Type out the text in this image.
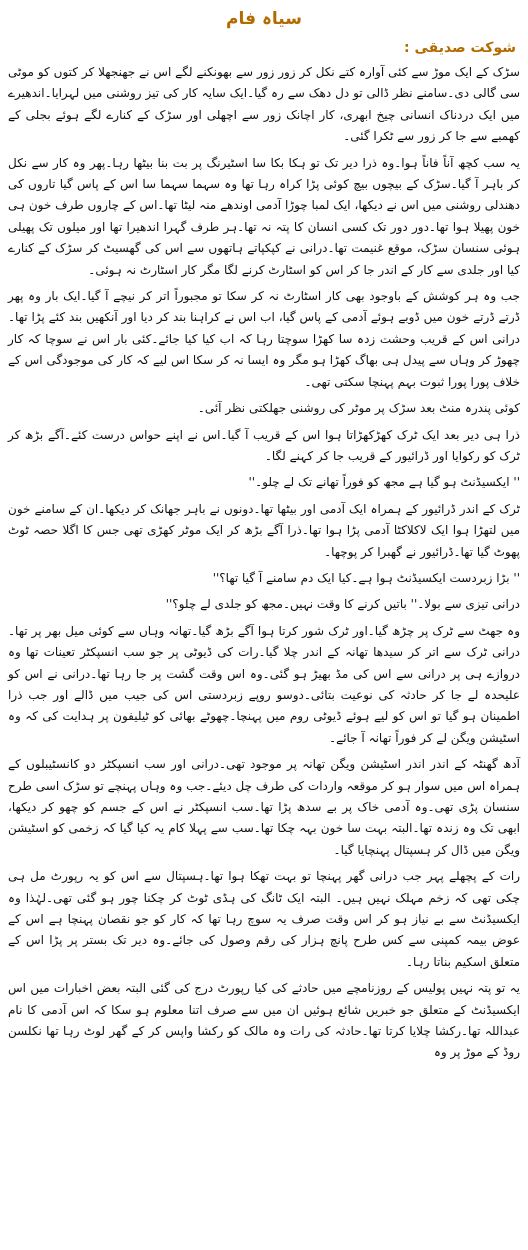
سیاہ فام
شوکت صدیقی :

سڑک کے ایک موڑ سے کئی آوارہ کتے نکل کر زور زور سے بھونکنے لگے اس نے جھنجھلا کر کتوں کو موٹی سی گالی دی۔سامنے نظر ڈالی تو دل دھک سے رہ گیا۔ایک سایہ کار کی تیز روشنی میں لہرایا۔اندھیرے میں ایک دردناک انسانی چیخ ابھری، کار اچانک زور سے اچھلی اور سڑک کے کنارے لگے ہوئے بجلی کے کھمبے سے جا کر زور سے ٹکرا گئی۔

یہ سب کچھ آناً فاناً ہوا۔وہ ذرا دیر تک تو ہکا بکا سا اسٹیرنگ پر بت بنا بیٹھا رہا۔پھر وہ کار سے نکل کر باہر آ گیا۔سڑک کے بیچوں بیچ کوئی پڑا کراہ رہا تھا وہ سہما سہما سا اس کے پاس گیا تاروں کی دھندلی روشنی میں اس نے دیکھا، ایک لمبا چوڑا آدمی اوندھے منہ لیٹا تھا۔اس کے چاروں طرف خون ہی خون پھیلا ہوا تھا۔دور دور تک کسی انسان کا پتہ نہ تھا۔ہر طرف گہرا اندھیرا تھا اور میلوں تک پھیلی ہوئی سنسان سڑک، موقع غنیمت تھا۔درانی نے کپکپاتے ہاتھوں سے اس کی گھسیٹ کر سڑک کے کنارے کیا اور جلدی سے کار کے اندر جا کر اس کو اسٹارٹ کرنے لگا مگر کار اسٹارٹ نہ ہوئی۔

جب وہ ہر کوشش کے باوجود بھی کار اسٹارٹ نہ کر سکا تو مجبوراً اتر کر نیچے آ گیا۔ایک بار وہ پھر ڈرتے ڈرتے خون میں ڈوبے ہوئے آدمی کے پاس گیا، اب اس نے کراہنا بند کر دیا اور آنکھیں بند کئے پڑا تھا۔درانی اس کے قریب وحشت زدہ سا کھڑا سوچتا رہا کہ اب کیا کیا جائے۔کئی بار اس نے سوچا کہ کار چھوڑ کر وہاں سے پیدل ہی بھاگ کھڑا ہو مگر وہ ایسا نہ کر سکا اس لیے کہ کار کی موجودگی اس کے خلاف پورا پورا ثبوت بہم پہنچا سکتی تھی۔

کوئی پندرہ منٹ بعد سڑک پر موٹر کی روشنی جھلکتی نظر آئی۔

ذرا ہی دیر بعد ایک ٹرک کھڑکھڑاتا ہوا اس کے قریب آ گیا۔اس نے اپنے حواس درست کئے۔آگے بڑھ کر ٹرک کو رکوایا اور ڈرائیور کے قریب جا کر کہنے لگا۔

'' ایکسیڈنٹ ہو گیا ہے مجھ کو فوراً تھانے تک لے چلو۔''

ٹرک کے اندر ڈرائیور کے ہمراہ ایک آدمی اور بیٹھا تھا۔دونوں نے باہر جھانک کر دیکھا۔ان کے سامنے خون میں لتھڑا ہوا ایک لاکلاکٹا آدمی پڑا ہوا تھا۔ذرا آگے بڑھ کر ایک موٹر کھڑی تھی جس کا اگلا حصہ ٹوٹ پھوٹ گیا تھا۔ڈرائیور نے گھبرا کر پوچھا۔

'' بڑا زبردست ایکسیڈنٹ ہوا ہے۔کیا ایک دم سامنے آ گیا تھا؟''

درانی تیزی سے بولا۔'' باتیں کرنے کا وقت نہیں۔مجھ کو جلدی لے چلو؟''

وہ جھٹ سے ٹرک پر چڑھ گیا۔اور ٹرک شور کرتا ہوا آگے بڑھ گیا۔تھانہ وہاں سے کوئی میل بھر پر تھا۔درانی ٹرک سے اتر کر سیدھا تھانہ کے اندر چلا گیا۔رات کی ڈیوٹی پر جو سب انسپکٹر تعینات تھا وہ دروازے ہی پر درانی سے اس کی مڈ بھیڑ ہو گئی۔وہ اس وقت گشت پر جا رہا تھا۔درانی نے اس کو علیحدہ لے جا کر حادثہ کی نوعیت بتائی۔دوسو روپے زبردستی اس کی جیب میں ڈالے اور جب ذرا اطمینان ہو گیا تو اس کو لیے ہوئے ڈیوٹی روم میں پہنچا۔چھوٹے بھائی کو ٹیلیفون پر ہدایت کی کہ وہ اسٹیشن ویگن لے کر فوراً تھانہ آ جائے۔

آدھ گھنٹہ کے اندر اندر اسٹیشن ویگن تھانہ پر موجود تھی۔درانی اور سب انسپکٹر دو کانسٹیبلوں کے ہمراہ اس میں سوار ہو کر موقعہ واردات کی طرف چل دیئے۔جب وہ وہاں پہنچے تو سڑک اسی طرح سنسان پڑی تھی۔وہ آدمی خاک پر بے سدھ پڑا تھا۔سب انسپکٹر نے اس کے جسم کو چھو کر دیکھا، ابھی تک وہ زندہ تھا۔البتہ بہت سا خون بہہ چکا تھا۔سب سے پہلا کام یہ کیا گیا کہ زخمی کو اسٹیشن ویگن میں ڈال کر ہسپتال پہنچایا گیا۔

رات کے پچھلے پہر جب درانی گھر پہنچا تو بہت تھکا ہوا تھا۔ہسپتال سے اس کو یہ رپورٹ مل ہی چکی تھی کہ زخم مہلک نہیں ہیں۔ البتہ ایک ٹانگ کی ہڈی ٹوٹ کر چکنا چور ہو گئی تھی۔لہٰذا وہ ایکسیڈنٹ سے بے نیاز ہو کر اس وقت صرف یہ سوچ رہا تھا کہ کار کو جو نقصان پہنچا ہے اس کے عوض بیمہ کمپنی سے کس طرح پانچ ہزار کی رقم وصول کی جائے۔وہ دیر تک بستر پر پڑا اس کے متعلق اسکیم بناتا رہا۔

یہ تو پتہ نہیں پولیس کے روزنامچے میں حادثے کی کیا رپورٹ درج کی گئی البتہ بعض اخبارات میں اس ایکسیڈنٹ کے متعلق جو خبریں شائع ہوئیں ان میں سے صرف اتنا معلوم ہو سکا کہ اس آدمی کا نام عبداللہ تھا۔رکشا چلایا کرتا تھا۔حادثہ کی رات وہ مالک کو رکشا واپس کر کے گھر لوٹ رہا تھا نکلسن روڈ کے موڑ پر وہ
